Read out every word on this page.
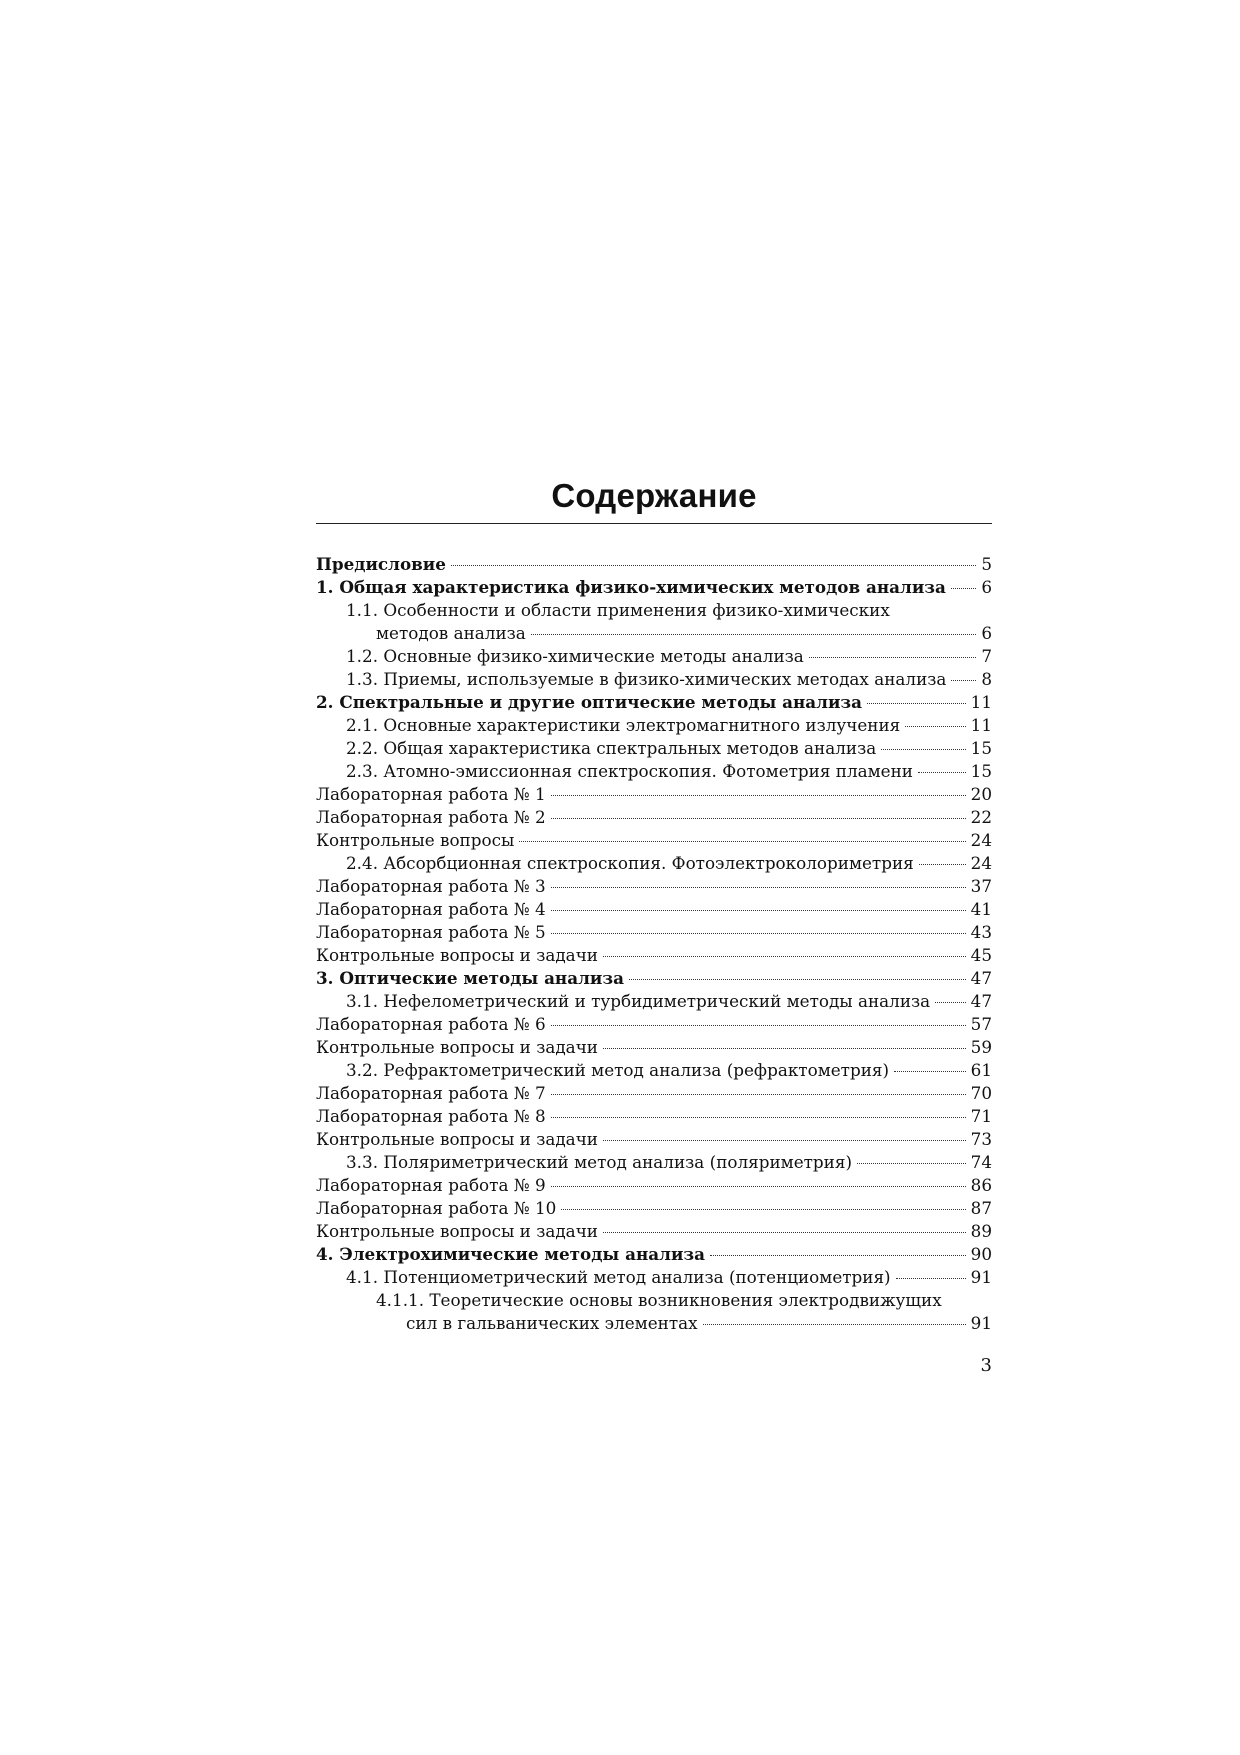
Содержание
Предисловие	5
1. Общая характеристика физико-химических методов анализа 6
1.1. Особенности и области применения физико-химических
методов анализа	6
1.2. Основные физико-химические методы анализа	7
1.3. Приемы, используемые в физико-химических методах анализа 8
2. Спектральные и другие оптические методы анализа	11
2.1. Основные характеристики электромагнитного излучения	11
2.2. Общая характеристика спектральных методов анализа	15
2.3. Атомно-эмиссионная спектроскопия. Фотометрия пламени	15
Лабораторная работа № 1	20
Лабораторная работа № 2	22
Контрольные вопросы	24
2.4. Абсорбционная спектроскопия. Фотоэлектроколориметрия	24
Лабораторная работа № 3	37
Лабораторная работа № 4	41
Лабораторная работа № 5	43
Контрольные вопросы и задачи	45
3. Оптические методы анализа	47
3.1. Нефелометрический и турбидиметрический методы анализа 47
Лабораторная работа № 6	57
Контрольные вопросы и задачи	59
3.2. Рефрактометрический метод анализа (рефрактометрия)	61
Лабораторная работа № 7	70
Лабораторная работа № 8	71
Контрольные вопросы и задачи	73
3.3. Поляриметрический метод анализа (поляриметрия)	74
Лабораторная работа № 9	86
Лабораторная работа № 10	87
Контрольные вопросы и задачи	89
4. Электрохимические методы анализа	90
4.1. Потенциометрический метод анализа (потенциометрия)	91
4.1.1. Теоретические основы возникновения электродвижущих
сил в гальванических элементах	91
3
